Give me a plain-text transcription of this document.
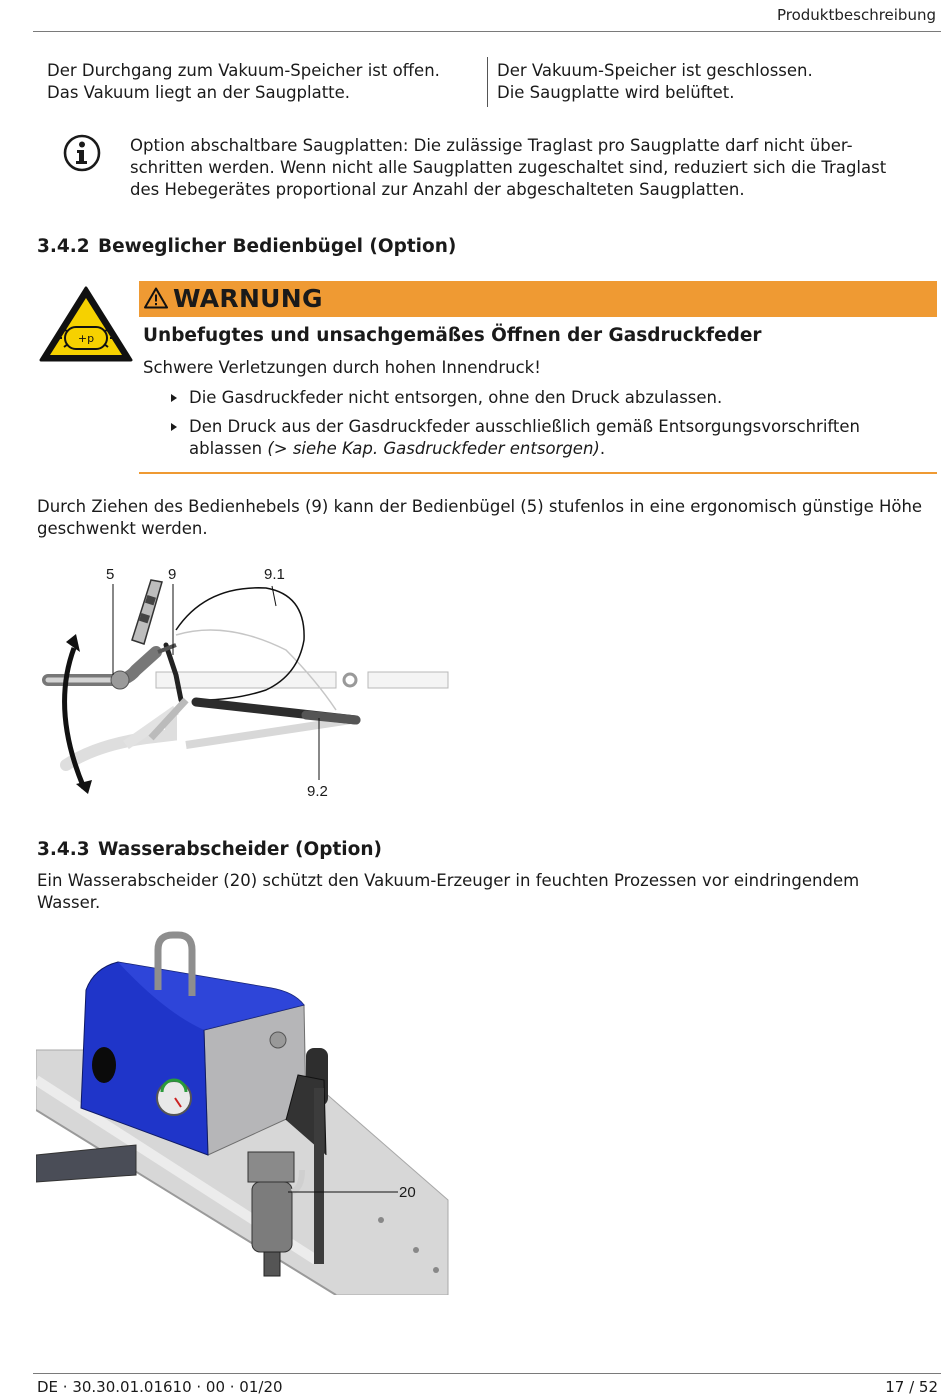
Produktbeschreibung
Der Durchgang zum Vakuum-Speicher ist offen.
Das Vakuum liegt an der Saugplatte.
Der Vakuum-Speicher ist geschlossen.
Die Saugplatte wird belüftet.
Option abschaltbare Saugplatten: Die zulässige Traglast pro Saugplatte darf nicht über-
schritten werden. Wenn nicht alle Saugplatten zugeschaltet sind, reduziert sich die Traglast
des Hebegerätes proportional zur Anzahl der abgeschalteten Saugplatten.
3.4.2 Beweglicher Bedienbügel (Option)
+p
WARNUNG
Unbefugtes und unsachgemäßes Öffnen der Gasdruckfeder
Schwere Verletzungen durch hohen Innendruck!
Die Gasdruckfeder nicht entsorgen, ohne den Druck abzulassen.
Den Druck aus der Gasdruckfeder ausschließlich gemäß Entsorgungsvorschriften
ablassen (> siehe Kap. Gasdruckfeder entsorgen).
Durch Ziehen des Bedienhebels (9) kann der Bedienbügel (5) stufenlos in eine ergonomisch günstige Höhe
geschwenkt werden.
5	9	9.1
9.2
3.4.3 Wasserabscheider (Option)
Ein Wasserabscheider (20) schützt den Vakuum-Erzeuger in feuchten Prozessen vor eindringendem
Wasser.
20
DE · 30.30.01.01610 · 00 · 01/20	17 / 52
